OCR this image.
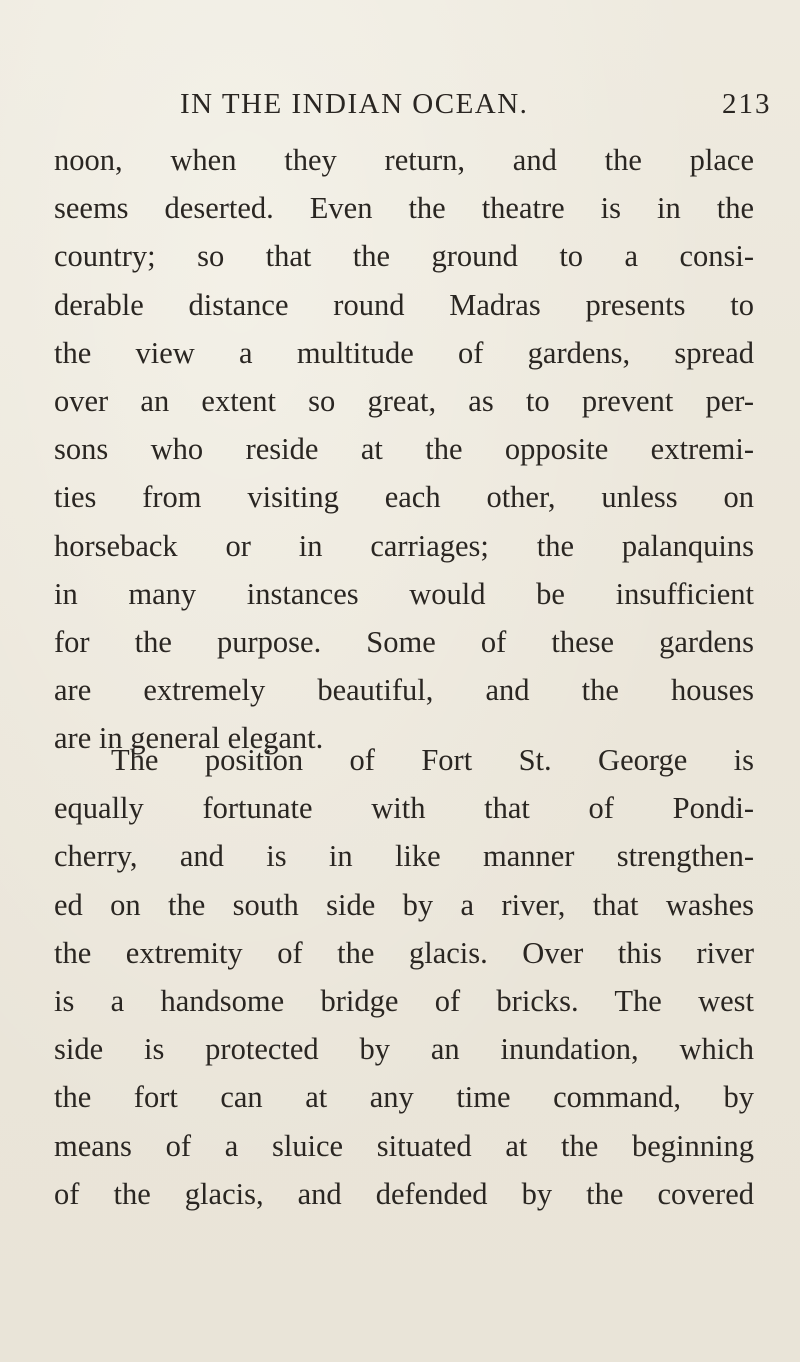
IN THE INDIAN OCEAN.	213
noon, when they return, and the place
seems deserted. Even the theatre is in the
country; so that the ground to a consi-
derable distance round Madras presents to
the view a multitude of gardens, spread
over an extent so great, as to prevent per-
sons who reside at the opposite extremi-
ties from visiting each other, unless on
horseback or in carriages; the palanquins
in many instances would be insufficient
for the purpose. Some of these gardens
are extremely beautiful, and the houses
are in general elegant.
The position of Fort St. George is
equally fortunate with that of Pondi-
cherry, and is in like manner strengthen-
ed on the south side by a river, that washes
the extremity of the glacis. Over this river
is a handsome bridge of bricks. The west
side is protected by an inundation, which
the fort can at any time command, by
means of a sluice situated at the beginning
of the glacis, and defended by the covered
